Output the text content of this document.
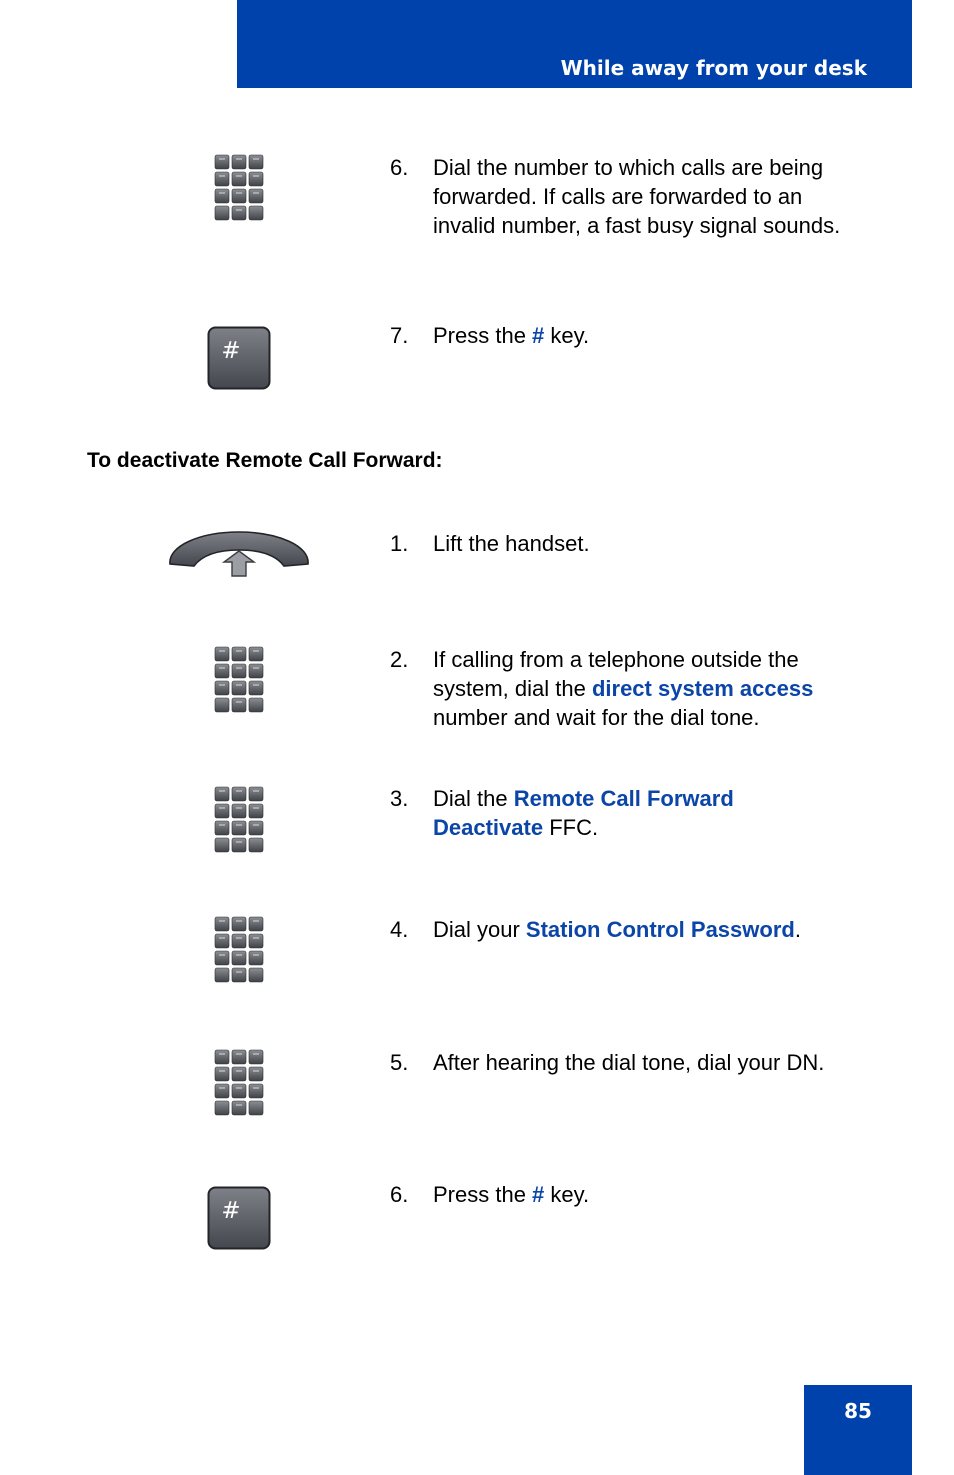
While away from your desk
6.	Dial the number to which calls are being forwarded. If calls are forwarded to an invalid number, a fast busy signal sounds.
#
7.	Press the # key.
To deactivate Remote Call Forward:
1.	Lift the handset.
2.	If calling from a telephone outside the system, dial the direct system access number and wait for the dial tone.
3.	Dial the Remote Call Forward Deactivate FFC.
4.	Dial your Station Control Password.
5.	After hearing the dial tone, dial your DN.
#
6.	Press the # key.
85
